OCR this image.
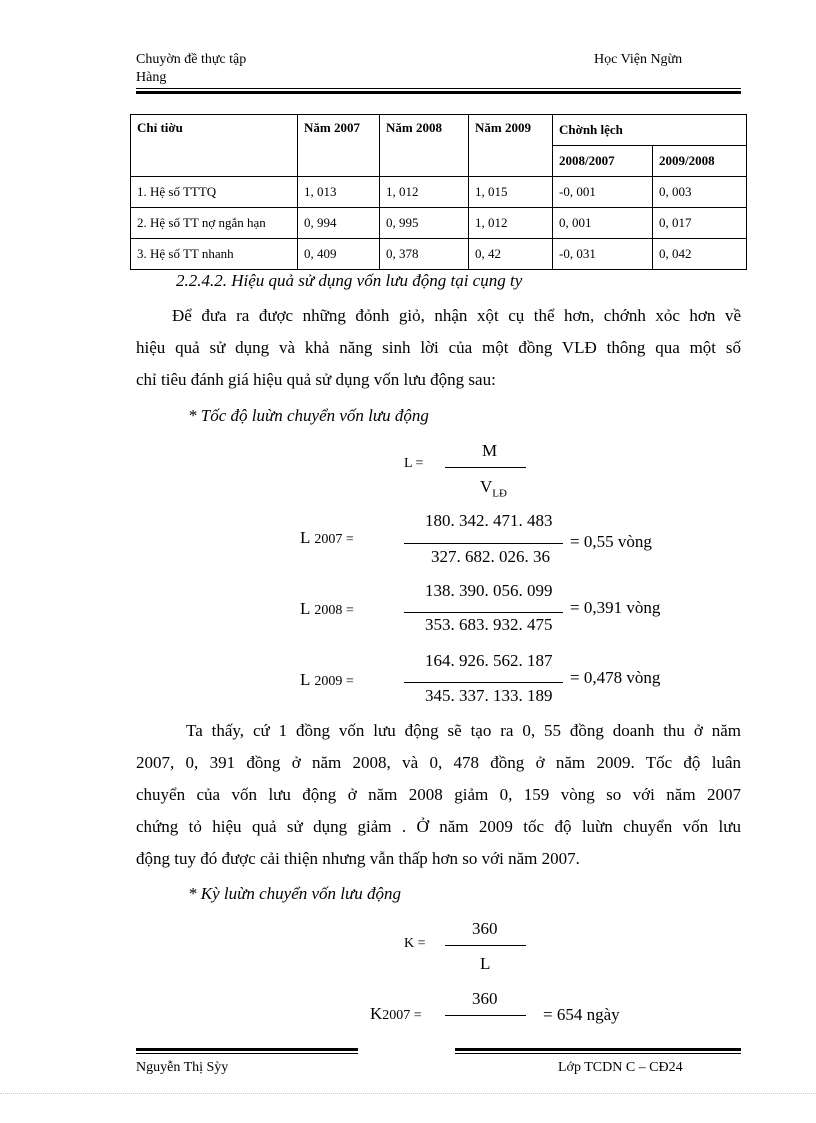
Chuyờn đề thực tập
Hàng
Học Viện Ngừn
Chỉ tiờu	Năm 2007	Năm 2008	Năm 2009	Chờnh lệch	
				2008/2007	2009/2008
1. Hệ số TTTQ	1, 013	1, 012	1, 015	-0, 001	0, 003
2. Hệ số TT nợ ngắn hạn	0, 994	0, 995	1, 012	0, 001	0, 017
3. Hệ số TT nhanh	0, 409	0, 378	0, 42	-0, 031	0, 042
2.2.4.2. Hiệu quả sử dụng vốn lưu động tại cụng ty
Để đưa ra được những đỏnh giỏ, nhận xột cụ thể hơn, chớnh xỏc hơn về
hiệu quả sử dụng và khả năng sinh lời của một đồng VLĐ thông qua một số
chỉ tiêu đánh giá hiệu quả sử dụng vốn lưu động sau:
* Tốc độ luừn chuyển vốn lưu động
L =
M
$V_{LĐ}$
L 2007 =
180. 342. 471. 483
327. 682. 026. 36
= 0,55 vòng
L 2008 =
138. 390. 056. 099
353. 683. 932. 475
= 0,391 vòng
L 2009 =
164. 926. 562. 187
345. 337. 133. 189
= 0,478 vòng
Ta thấy, cứ 1 đồng vốn lưu động sẽ tạo ra 0, 55 đồng doanh thu ở năm
2007, 0, 391 đồng ở năm 2008, và 0, 478 đồng ở năm 2009. Tốc độ luân
chuyển của vốn lưu động ở năm 2008 giảm 0, 159 vòng so với năm 2007
chứng tỏ hiệu quả sử dụng giảm . Ở năm 2009 tốc độ luừn chuyển vốn lưu
động tuy đó được cải thiện nhưng vẫn thấp hơn so với năm 2007.
* Kỳ luừn chuyển vốn lưu động
K =
360
L
K2007 =
360
= 654 ngày
Nguyễn Thị Sỳy	Lớp TCDN C – CĐ24
